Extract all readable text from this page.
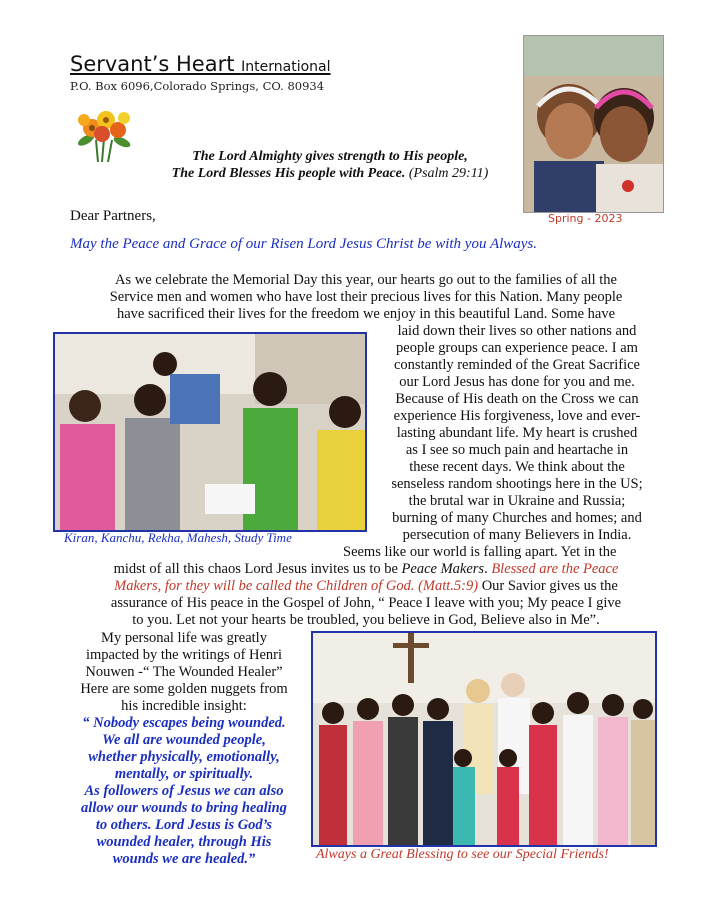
Servant’s Heart International
P.O. Box 6096,Colorado Springs, CO. 80934
The Lord Almighty gives strength to His people,
The Lord Blesses His people with Peace. (Psalm 29:11)
Spring - 2023
Dear Partners,
May the Peace and Grace of our Risen Lord Jesus Christ be with you Always.
As we celebrate the Memorial Day this year, our hearts go out to the families of all the
Service men and women who have lost their precious lives for this Nation. Many people
have sacrificed their lives for the freedom we enjoy in this beautiful Land. Some have
Kiran, Kanchu, Rekha, Mahesh, Study Time
laid down their lives so other nations and
people groups can experience peace. I am
constantly reminded of the Great Sacrifice
our Lord Jesus has done for you and me.
Because of His death on the Cross we can
experience His forgiveness, love and ever-
lasting abundant life. My heart is crushed
as I see so much pain and heartache in
these recent days. We think about the
senseless random shootings here in the US;
the brutal war in Ukraine and Russia;
burning of many Churches and homes; and
persecution of many Believers in India.
Seems like our world is falling apart. Yet in the
midst of all this chaos Lord Jesus invites us to be Peace Makers. Blessed are the Peace
Makers, for they will be called the Children of God. (Matt.5:9) Our Savior gives us the
assurance of His peace in the Gospel of John, “ Peace I leave with you; My peace I give
to you. Let not your hearts be troubled, you believe in God, Believe also in Me”.
My personal life was greatly
impacted by the writings of Henri
Nouwen -“ The Wounded Healer”
Here are some golden nuggets from
his incredible insight:
“ Nobody escapes being wounded.
We all are wounded people,
whether physically, emotionally,
mentally, or spiritually.
As followers of Jesus we can also
allow our wounds to bring healing
to others. Lord Jesus is God’s
wounded healer, through His
wounds we are healed.”	Always a Great Blessing to see our Special Friends!
